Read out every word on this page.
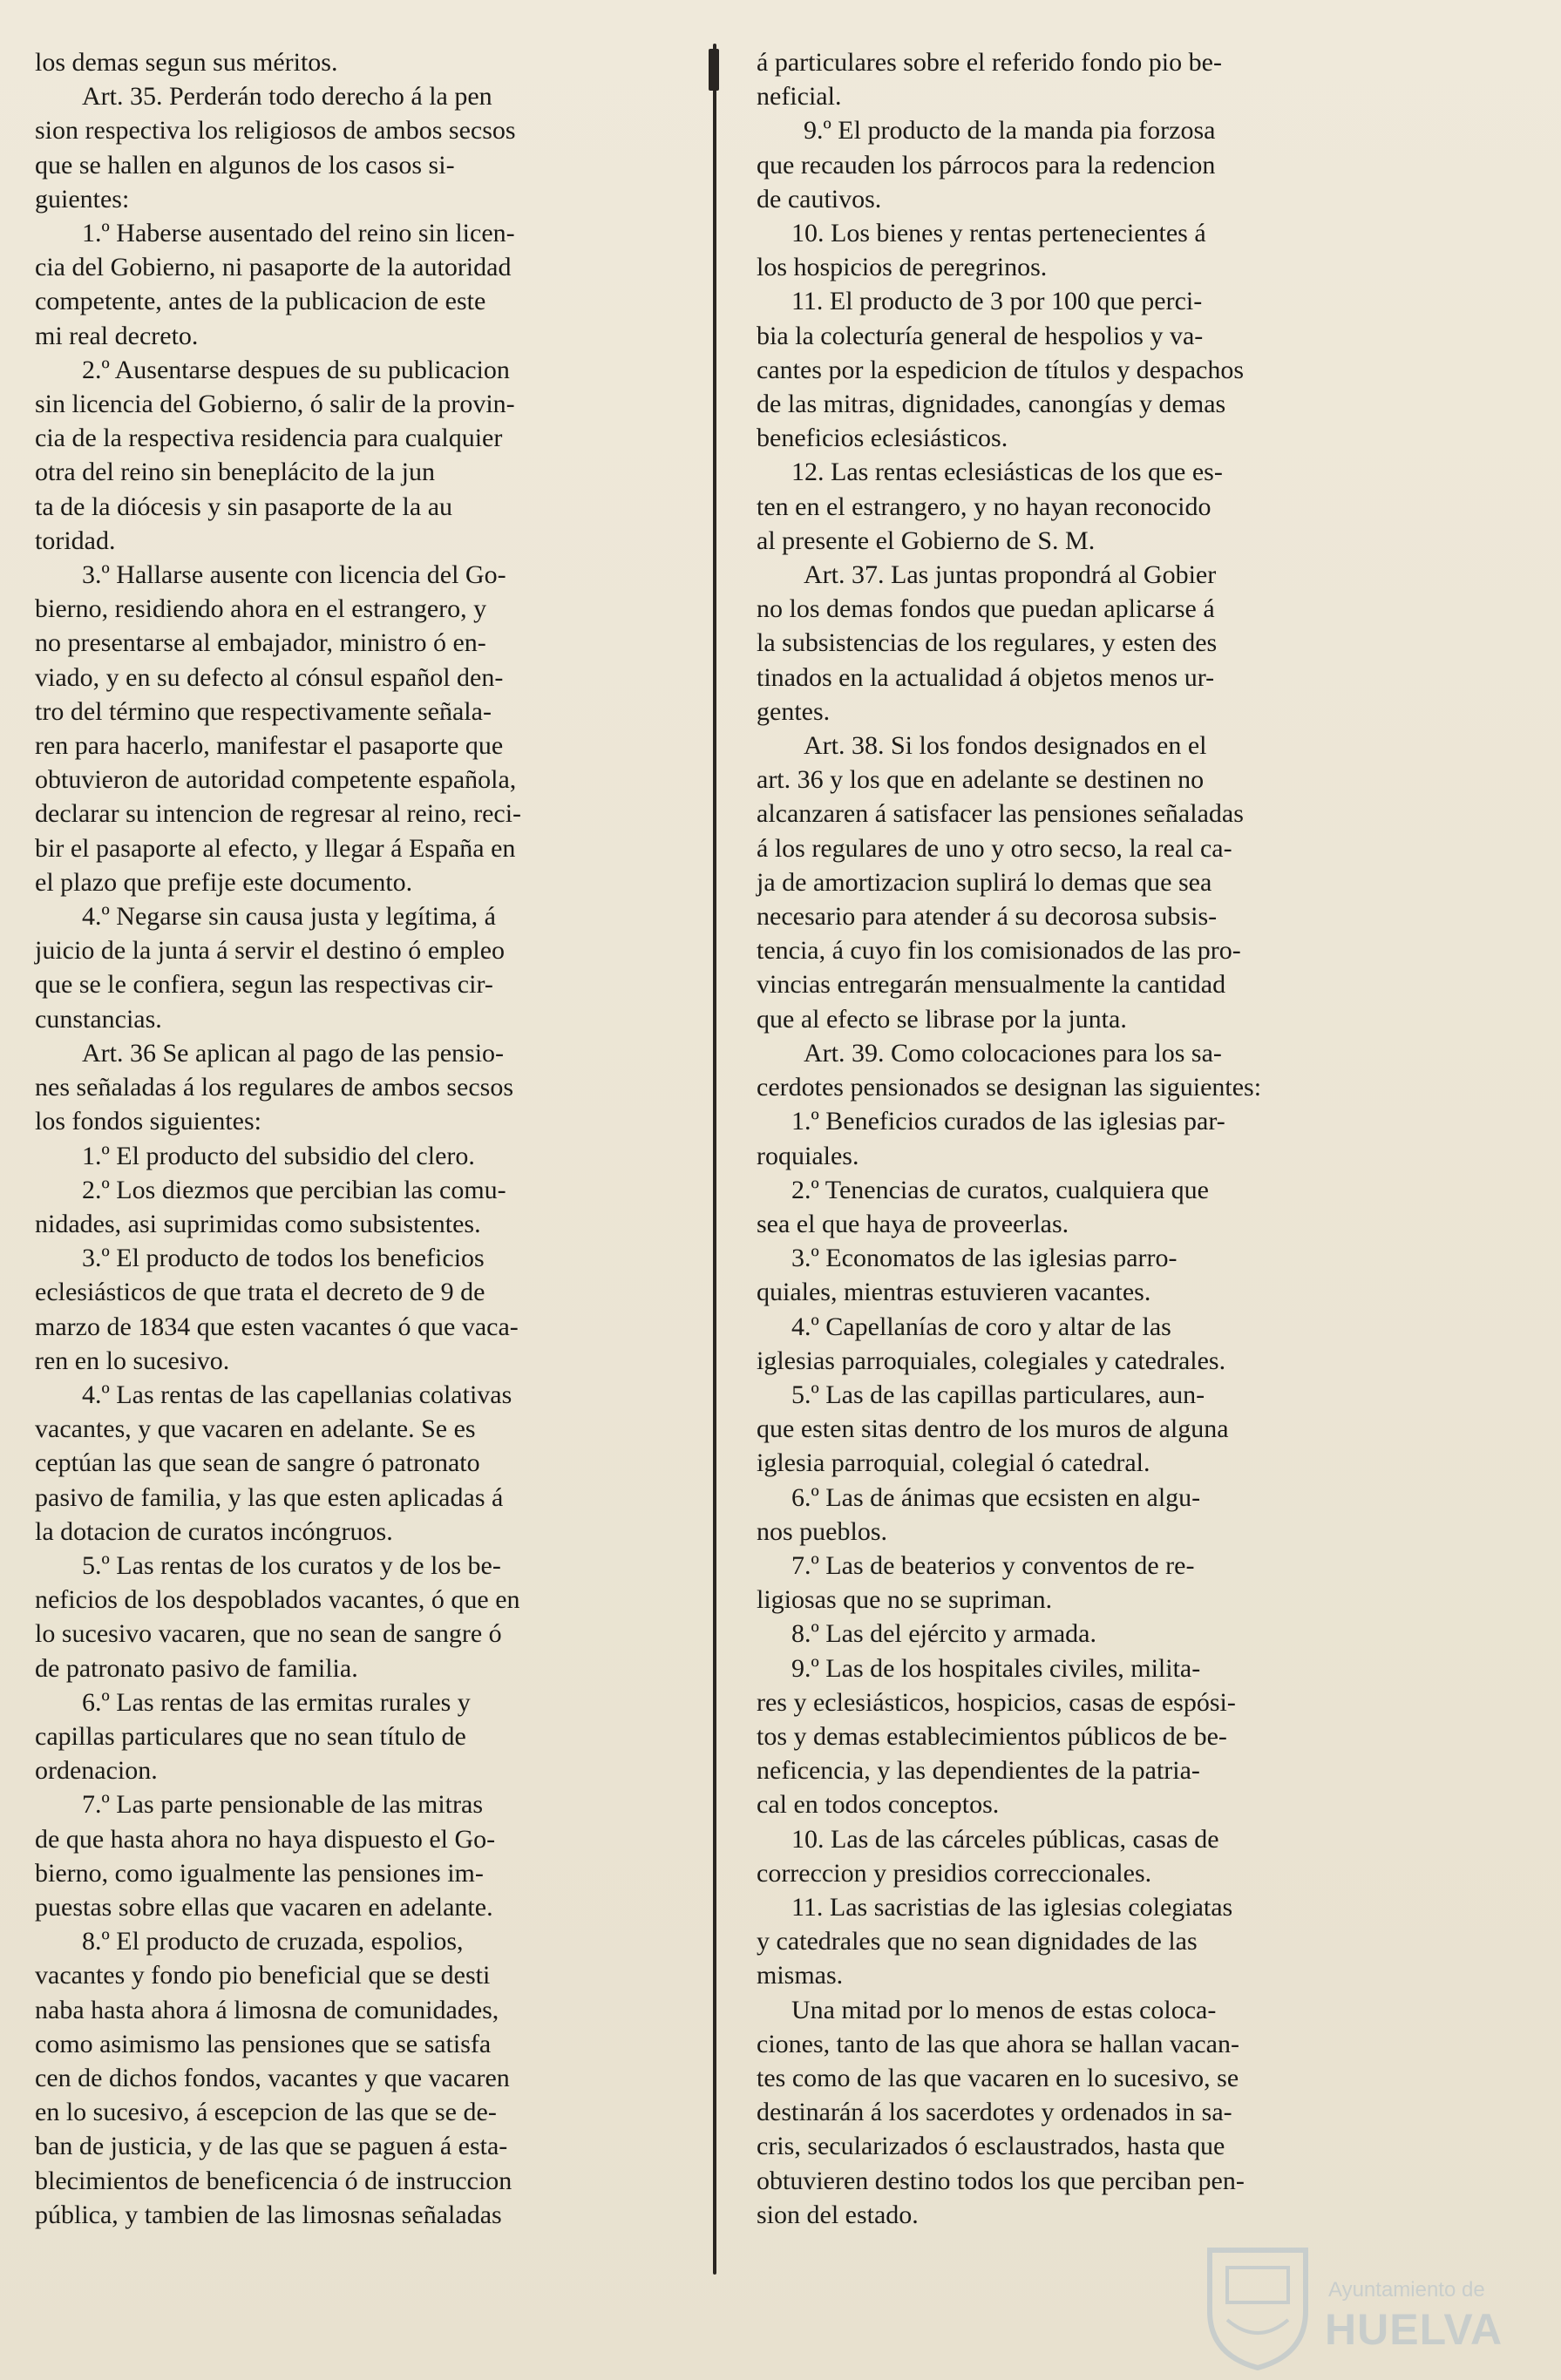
los demas segun sus méritos.

Art. 35. Perderán todo derecho á la pen

sion respectiva los religiosos de ambos secsos

que se hallen en algunos de los casos si-

guientes:

1.º Haberse ausentado del reino sin licen-

cia del Gobierno, ni pasaporte de la autoridad

competente, antes de la publicacion de este

mi real decreto.

2.º Ausentarse despues de su publicacion

sin licencia del Gobierno, ó salir de la provin-

cia de la respectiva residencia para cualquier

otra del reino sin beneplácito de la jun

ta de la diócesis y sin pasaporte de la au

toridad.

3.º Hallarse ausente con licencia del Go-

bierno, residiendo ahora en el estrangero, y

no presentarse al embajador, ministro ó en-

viado, y en su defecto al cónsul español den-

tro del término que respectivamente señala-

ren para hacerlo, manifestar el pasaporte que

obtuvieron de autoridad competente española,

declarar su intencion de regresar al reino, reci-

bir el pasaporte al efecto, y llegar á España en

el plazo que prefije este documento.

4.º Negarse sin causa justa y legítima, á

juicio de la junta á servir el destino ó empleo

que se le confiera, segun las respectivas cir-

cunstancias.

Art. 36 Se aplican al pago de las pensio-

nes señaladas á los regulares de ambos secsos

los fondos siguientes:

1.º El producto del subsidio del clero.

2.º Los diezmos que percibian las comu-

nidades, asi suprimidas como subsistentes.

3.º El producto de todos los beneficios

eclesiásticos de que trata el decreto de 9 de

marzo de 1834 que esten vacantes ó que vaca-

ren en lo sucesivo.

4.º Las rentas de las capellanias colativas

vacantes, y que vacaren en adelante. Se es

ceptúan las que sean de sangre ó patronato

pasivo de familia, y las que esten aplicadas á

la dotacion de curatos incóngruos.

5.º Las rentas de los curatos y de los be-

neficios de los despoblados vacantes, ó que en

lo sucesivo vacaren, que no sean de sangre ó

de patronato pasivo de familia.

6.º Las rentas de las ermitas rurales y

capillas particulares que no sean título de

ordenacion.

7.º Las parte pensionable de las mitras

de que hasta ahora no haya dispuesto el Go-

bierno, como igualmente las pensiones im-

puestas sobre ellas que vacaren en adelante.

8.º El producto de cruzada, espolios,

vacantes y fondo pio beneficial que se desti

naba hasta ahora á limosna de comunidades,

como asimismo las pensiones que se satisfa

cen de dichos fondos, vacantes y que vacaren

en lo sucesivo, á escepcion de las que se de-

ban de justicia, y de las que se paguen á esta-

blecimientos de beneficencia ó de instruccion

pública, y tambien de las limosnas señaladas

á particulares sobre el referido fondo pio be-

neficial.

9.º El producto de la manda pia forzosa

que recauden los párrocos para la redencion

de cautivos.

10. Los bienes y rentas pertenecientes á

los hospicios de peregrinos.

11. El producto de 3 por 100 que perci-

bia la colecturía general de hespolios y va-

cantes por la espedicion de títulos y despachos

de las mitras, dignidades, canongías y demas

beneficios eclesiásticos.

12. Las rentas eclesiásticas de los que es-

ten en el estrangero, y no hayan reconocido

al presente el Gobierno de S. M.

Art. 37. Las juntas propondrá al Gobier

no los demas fondos que puedan aplicarse á

la subsistencias de los regulares, y esten des

tinados en la actualidad á objetos menos ur-

gentes.

Art. 38. Si los fondos designados en el

art. 36 y los que en adelante se destinen no

alcanzaren á satisfacer las pensiones señaladas

á los regulares de uno y otro secso, la real ca-

ja de amortizacion suplirá lo demas que sea

necesario para atender á su decorosa subsis-

tencia, á cuyo fin los comisionados de las pro-

vincias entregarán mensualmente la cantidad

que al efecto se librase por la junta.

Art. 39. Como colocaciones para los sa-

cerdotes pensionados se designan las siguientes:

1.º Beneficios curados de las iglesias par-

roquiales.

2.º Tenencias de curatos, cualquiera que

sea el que haya de proveerlas.

3.º Economatos de las iglesias parro-

quiales, mientras estuvieren vacantes.

4.º Capellanías de coro y altar de las

iglesias parroquiales, colegiales y catedrales.

5.º Las de las capillas particulares, aun-

que esten sitas dentro de los muros de alguna

iglesia parroquial, colegial ó catedral.

6.º Las de ánimas que ecsisten en algu-

nos pueblos.

7.º Las de beaterios y conventos de re-

ligiosas que no se supriman.

8.º Las del ejército y armada.

9.º Las de los hospitales civiles, milita-

res y eclesiásticos, hospicios, casas de espósi-

tos y demas establecimientos públicos de be-

neficencia, y las dependientes de la patria-

cal en todos conceptos.

10. Las de las cárceles públicas, casas de

correccion y presidios correccionales.

11. Las sacristias de las iglesias colegiatas

y catedrales que no sean dignidades de las

mismas.

Una mitad por lo menos de estas coloca-

ciones, tanto de las que ahora se hallan vacan-

tes como de las que vacaren en lo sucesivo, se

destinarán á los sacerdotes y ordenados in sa-

cris, secularizados ó esclaustrados, hasta que

obtuvieren destino todos los que perciban pen-

sion del estado.

Ayuntamiento de
HUELVA
